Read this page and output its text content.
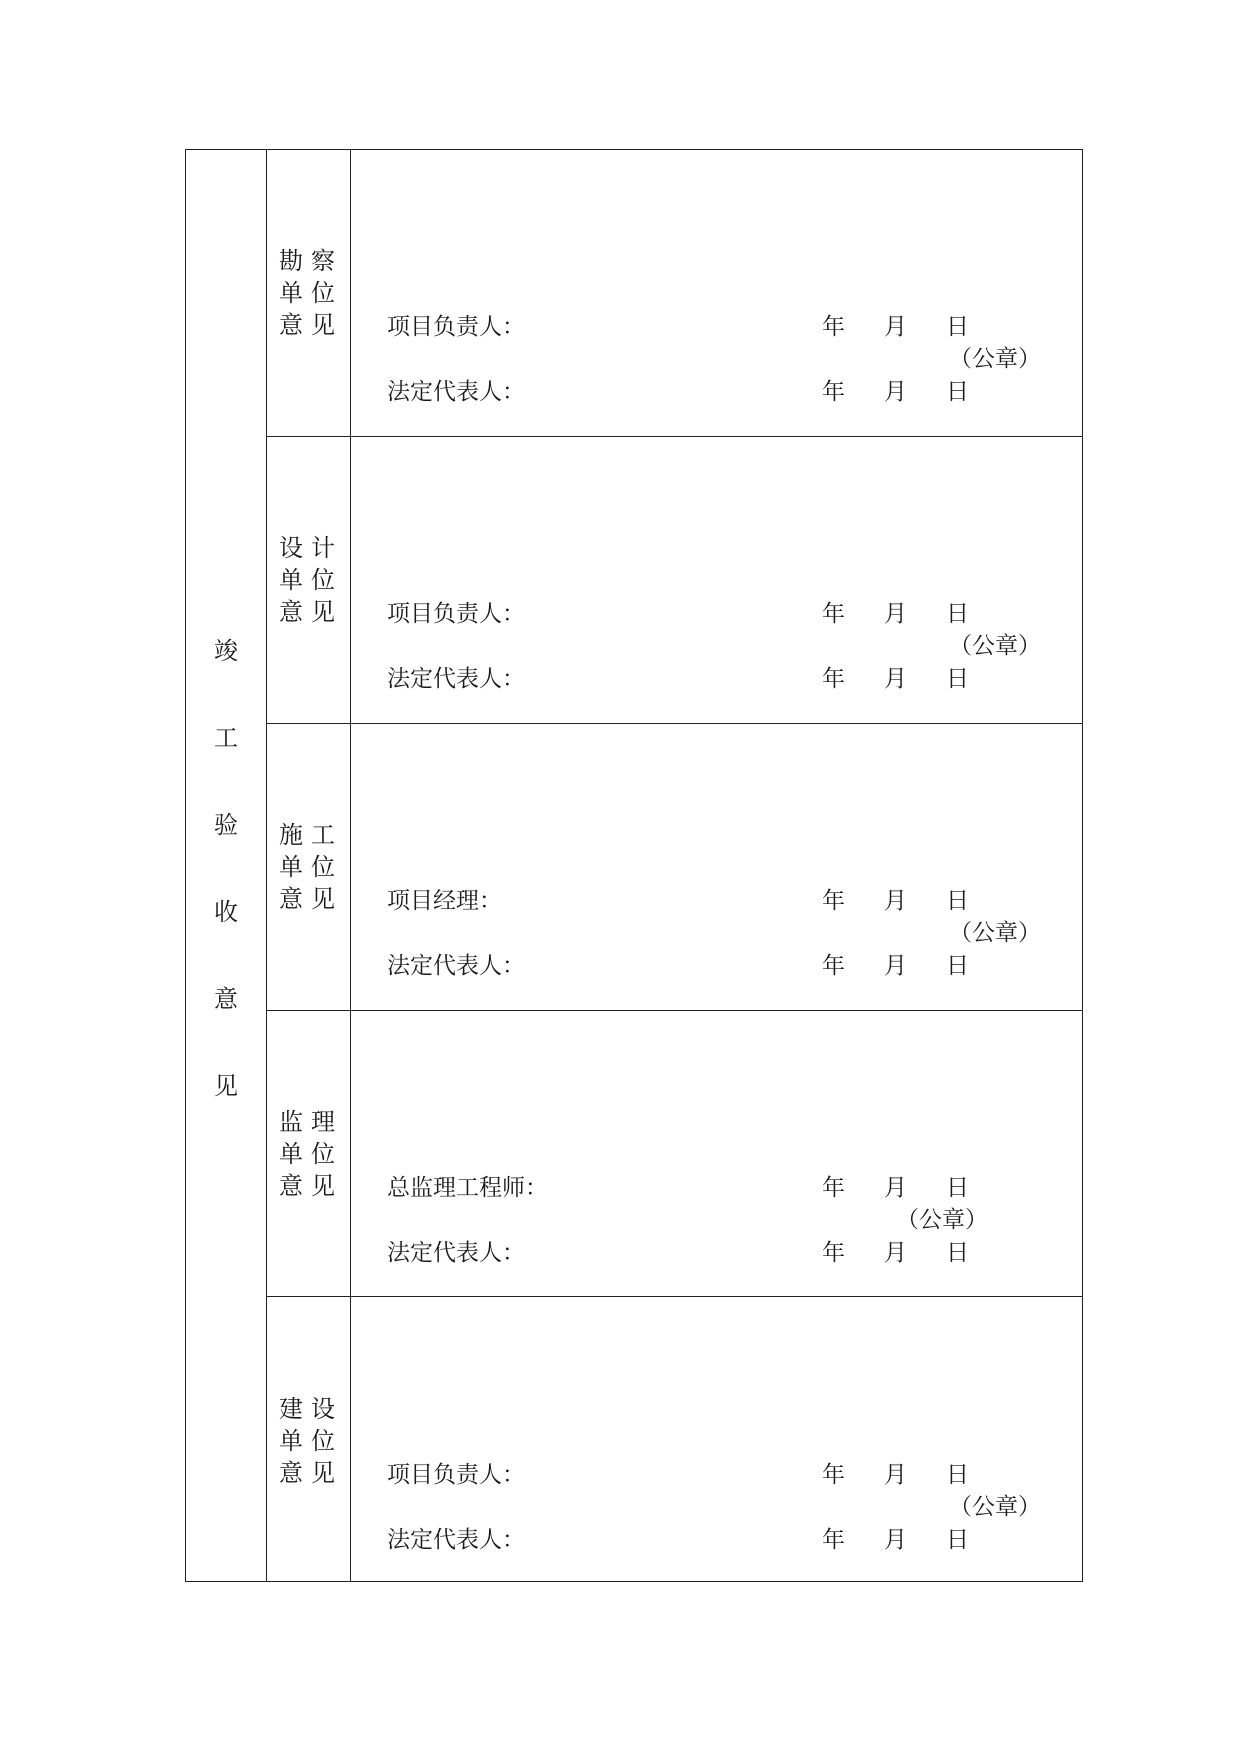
竣
工
验
收
意
见
勘 察
单 位
意 见	项目负责人：	年 月 日
（公章）
法定代表人：	年 月 日
设 计
单 位
意 见	项目负责人：	年 月 日
（公章）
法定代表人：	年 月 日
施 工
单 位
意 见	项目经理：	年 月 日
（公章）
法定代表人：	年 月 日
监 理
单 位
意 见	总监理工程师：	年 月 日
（公章）
法定代表人：	年 月 日
建 设
单 位
意 见	项目负责人：	年 月 日
（公章）
法定代表人：	年 月 日
